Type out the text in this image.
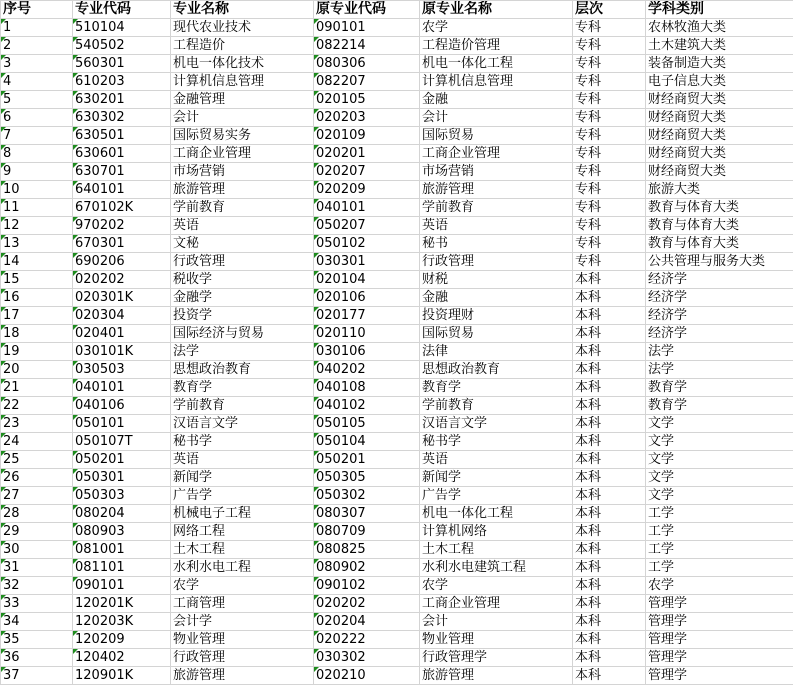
序号	专业代码	专业名称	原专业代码	原专业名称	层次	学科类别
1	510104	现代农业技术	090101	农学	专科	农林牧渔大类
2	540502	工程造价	082214	工程造价管理	专科	土木建筑大类
3	560301	机电一体化技术	080306	机电一体化工程	专科	装备制造大类
4	610203	计算机信息管理	082207	计算机信息管理	专科	电子信息大类
5	630201	金融管理	020105	金融	专科	财经商贸大类
6	630302	会计	020203	会计	专科	财经商贸大类
7	630501	国际贸易实务	020109	国际贸易	专科	财经商贸大类
8	630601	工商企业管理	020201	工商企业管理	专科	财经商贸大类
9	630701	市场营销	020207	市场营销	专科	财经商贸大类
10	640101	旅游管理	020209	旅游管理	专科	旅游大类
11	670102K	学前教育	040101	学前教育	专科	教育与体育大类
12	970202	英语	050207	英语	专科	教育与体育大类
13	670301	文秘	050102	秘书	专科	教育与体育大类
14	690206	行政管理	030301	行政管理	专科	公共管理与服务大类
15	020202	税收学	020104	财税	本科	经济学
16	020301K	金融学	020106	金融	本科	经济学
17	020304	投资学	020177	投资理财	本科	经济学
18	020401	国际经济与贸易	020110	国际贸易	本科	经济学
19	030101K	法学	030106	法律	本科	法学
20	030503	思想政治教育	040202	思想政治教育	本科	法学
21	040101	教育学	040108	教育学	本科	教育学
22	040106	学前教育	040102	学前教育	本科	教育学
23	050101	汉语言文学	050105	汉语言文学	本科	文学
24	050107T	秘书学	050104	秘书学	本科	文学
25	050201	英语	050201	英语	本科	文学
26	050301	新闻学	050305	新闻学	本科	文学
27	050303	广告学	050302	广告学	本科	文学
28	080204	机械电子工程	080307	机电一体化工程	本科	工学
29	080903	网络工程	080709	计算机网络	本科	工学
30	081001	土木工程	080825	土木工程	本科	工学
31	081101	水利水电工程	080902	水利水电建筑工程	本科	工学
32	090101	农学	090102	农学	本科	农学
33	120201K	工商管理	020202	工商企业管理	本科	管理学
34	120203K	会计学	020204	会计	本科	管理学
35	120209	物业管理	020222	物业管理	本科	管理学
36	120402	行政管理	030302	行政管理学	本科	管理学
37	120901K	旅游管理	020210	旅游管理	本科	管理学
